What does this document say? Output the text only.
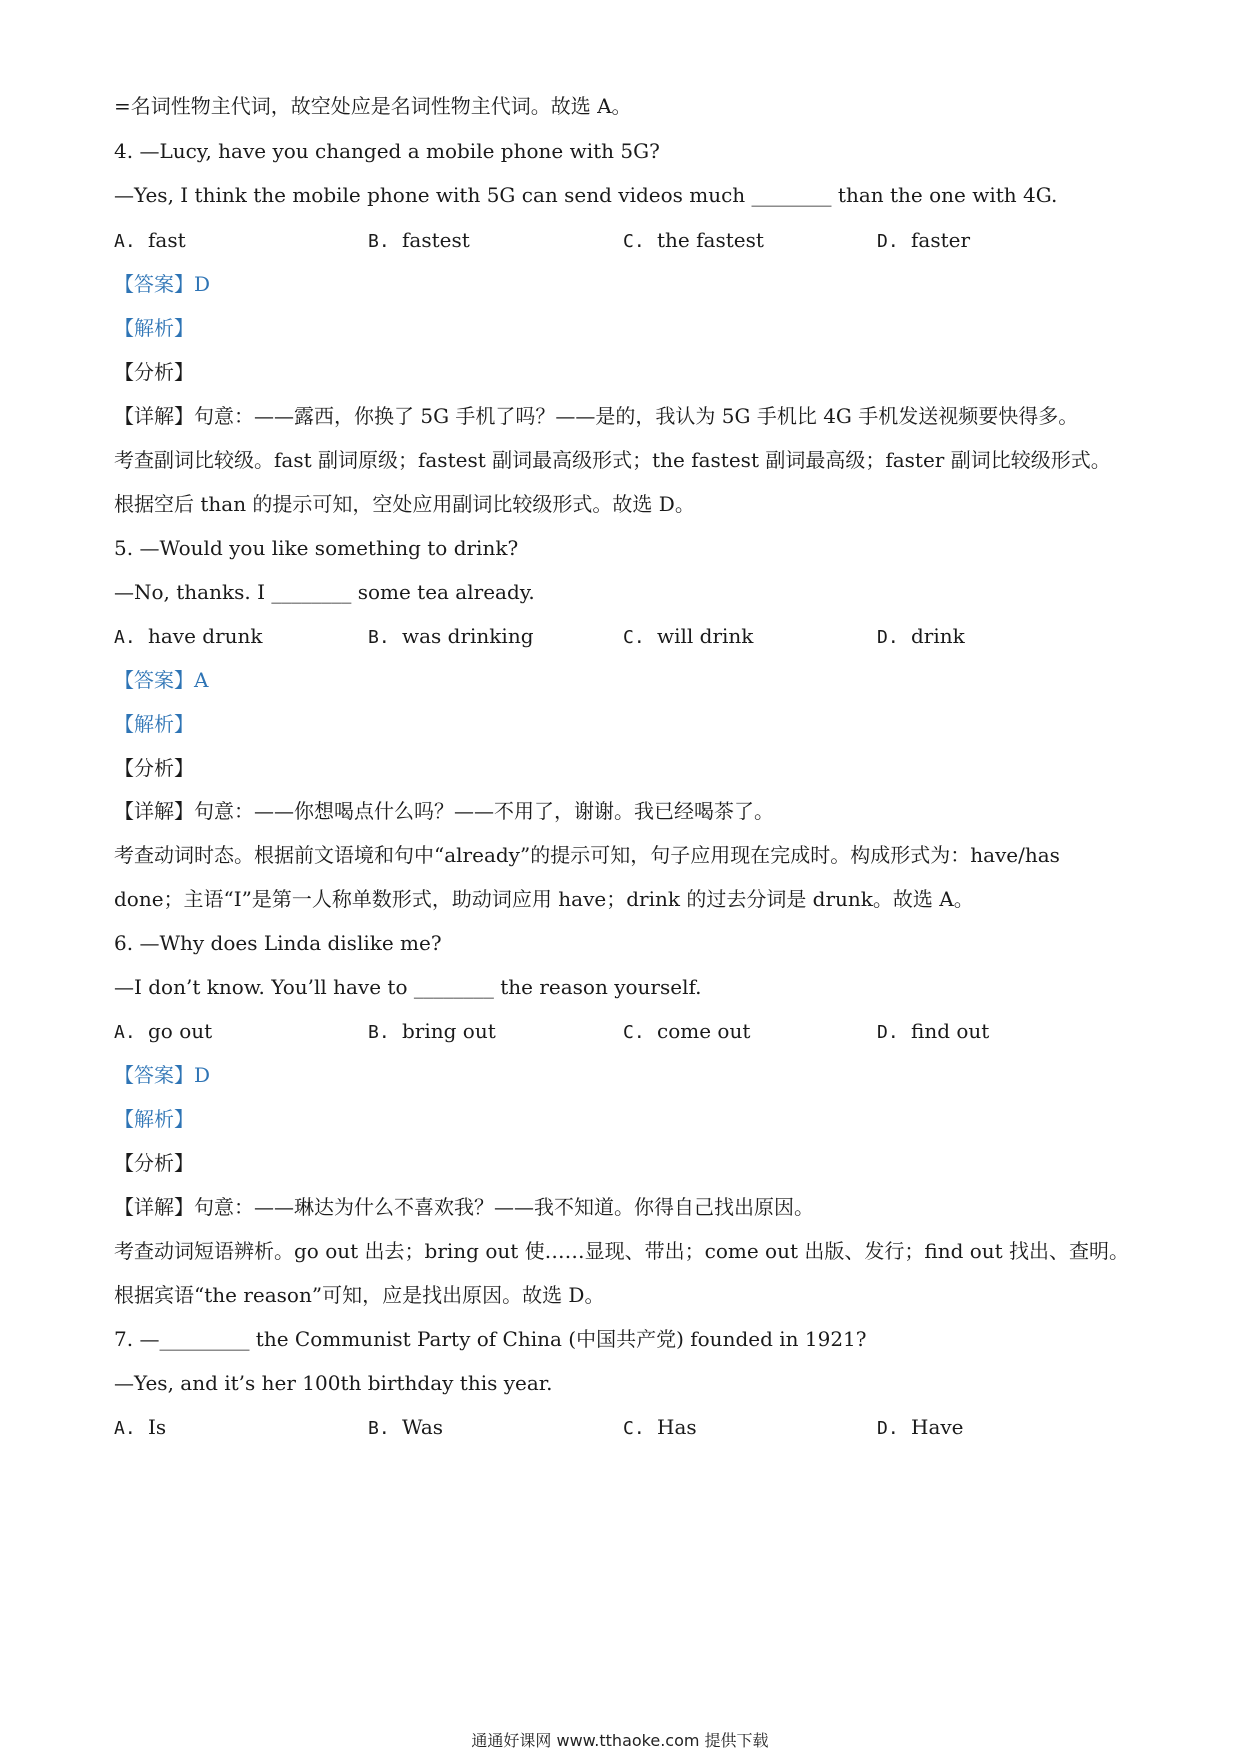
=名词性物主代词，故空处应是名词性物主代词。故选 A。
4. —Lucy, have you changed a mobile phone with 5G?
—Yes, I think the mobile phone with 5G can send videos much ________ than the one with 4G.
A. fast	B. fastest	C. the fastest	D. faster
【答案】D
【解析】
【分析】
【详解】句意：——露西，你换了 5G 手机了吗？——是的，我认为 5G 手机比 4G 手机发送视频要快得多。
考查副词比较级。fast 副词原级；fastest 副词最高级形式；the fastest 副词最高级；faster 副词比较级形式。
根据空后 than 的提示可知，空处应用副词比较级形式。故选 D。
5. —Would you like something to drink?
—No, thanks. I ________ some tea already.
A. have drunk	B. was drinking	C. will drink	D. drink
【答案】A
【解析】
【分析】
【详解】句意：——你想喝点什么吗？——不用了，谢谢。我已经喝茶了。
考查动词时态。根据前文语境和句中“already”的提示可知，句子应用现在完成时。构成形式为：have/has
done；主语“I”是第一人称单数形式，助动词应用 have；drink 的过去分词是 drunk。故选 A。
6. —Why does Linda dislike me?
—I don’t know. You’ll have to ________ the reason yourself.
A. go out	B. bring out	C. come out	D. find out
【答案】D
【解析】
【分析】
【详解】句意：——琳达为什么不喜欢我？——我不知道。你得自己找出原因。
考查动词短语辨析。go out 出去；bring out 使……显现、带出；come out 出版、发行；find out 找出、查明。
根据宾语“the reason”可知，应是找出原因。故选 D。
7. —_________ the Communist Party of China (中国共产党) founded in 1921?
—Yes, and it’s her 100th birthday this year.
A. Is	B. Was	C. Has	D. Have
通通好课网 www.tthaoke.com 提供下载
